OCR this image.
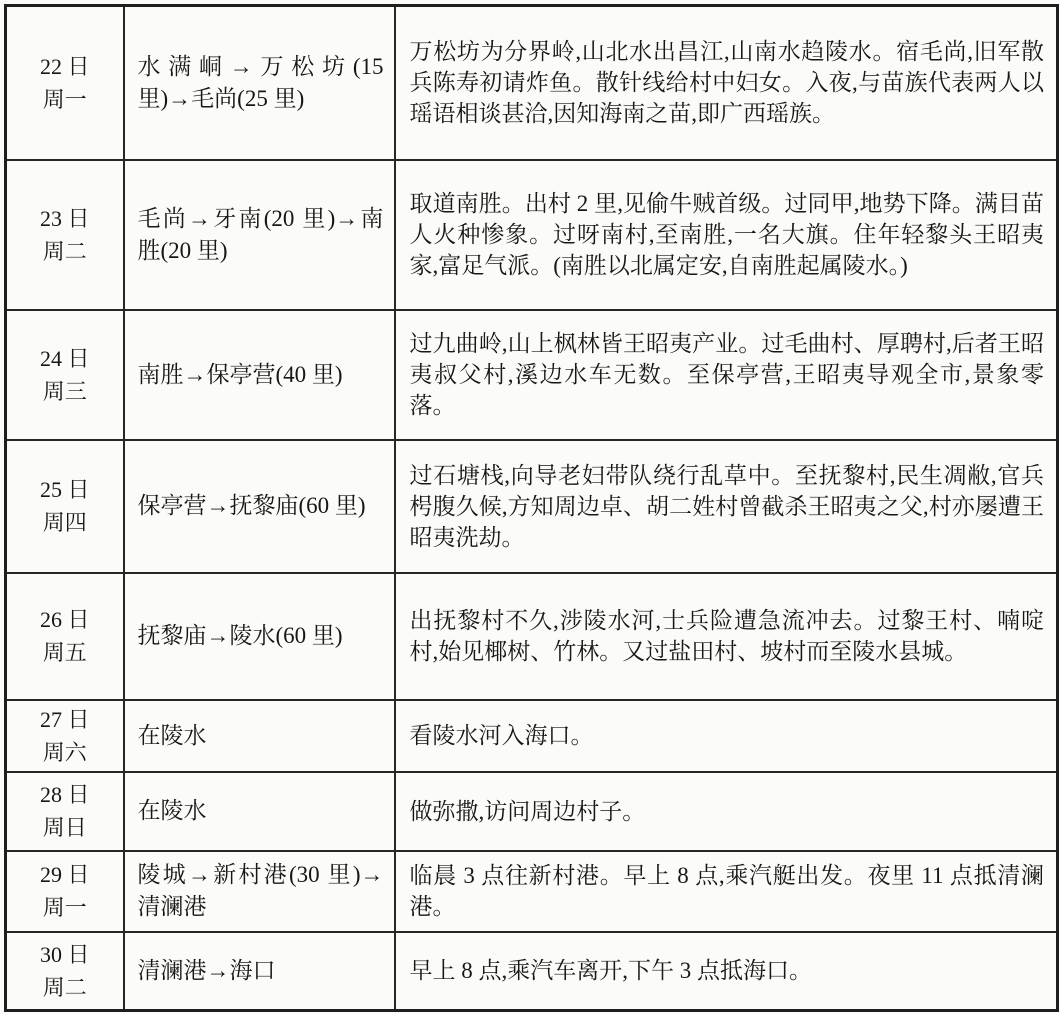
22 日
周一	水满峒→万松坊(15 里)→毛尚(25 里)	万松坊为分界岭,山北水出昌江,山南水趋陵水。宿毛尚,旧军散兵陈寿初请炸鱼。散针线给村中妇女。入夜,与苗族代表两人以瑶语相谈甚洽,因知海南之苗,即广西瑶族。

23 日
周二	毛尚→牙南(20 里)→南胜(20 里)	取道南胜。出村 2 里,见偷牛贼首级。过同甲,地势下降。满目苗人火种惨象。过呀南村,至南胜,一名大旗。住年轻黎头王昭夷家,富足气派。(南胜以北属定安,自南胜起属陵水。)

24 日
周三	南胜→保亭营(40 里)	过九曲岭,山上枫林皆王昭夷产业。过毛曲村、厚聘村,后者王昭夷叔父村,溪边水车无数。至保亭营,王昭夷导观全市,景象零落。

25 日
周四	保亭营→抚黎庙(60 里)	过石塘栈,向导老妇带队绕行乱草中。至抚黎村,民生凋敝,官兵枵腹久候,方知周边卓、胡二姓村曾截杀王昭夷之父,村亦屡遭王昭夷洗劫。

26 日
周五	抚黎庙→陵水(60 里)	出抚黎村不久,涉陵水河,士兵险遭急流冲去。过黎王村、喃啶村,始见椰树、竹林。又过盐田村、坡村而至陵水县城。

27 日
周六	在陵水	看陵水河入海口。

28 日
周日	在陵水	做弥撒,访问周边村子。

29 日
周一	陵城→新村港(30 里)→清澜港	临晨 3 点往新村港。早上 8 点,乘汽艇出发。夜里 11 点抵清澜港。

30 日
周二	清澜港→海口	早上 8 点,乘汽车离开,下午 3 点抵海口。
